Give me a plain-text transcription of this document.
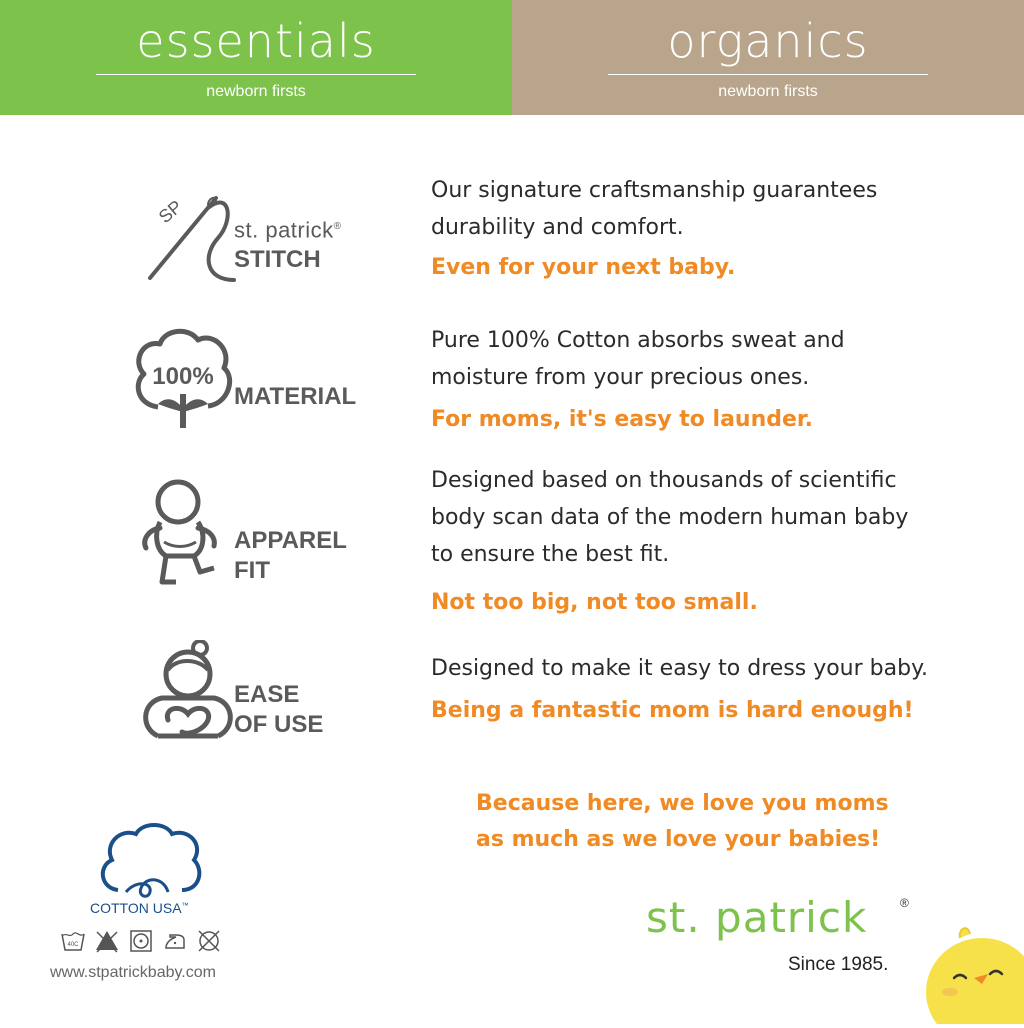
essentials
newborn firsts
organics
newborn firsts
SP
st. patrick®
STITCH
Our signature craftsmanship guarantees
durability and comfort.
Even for your next baby.
100%
MATERIAL
Pure 100% Cotton absorbs sweat and
moisture from your precious ones.
For moms, it's easy to launder.
APPAREL
FIT
Designed based on thousands of scientific
body scan data of the modern human baby
to ensure the best fit.
Not too big, not too small.
EASE
OF USE
Designed to make it easy to dress your baby.
Being a fantastic mom is hard enough!
Because here, we love you moms
as much as we love your babies!
COTTON USA™
40C
www.stpatrickbaby.com
st. patrick	®
Since 1985.
